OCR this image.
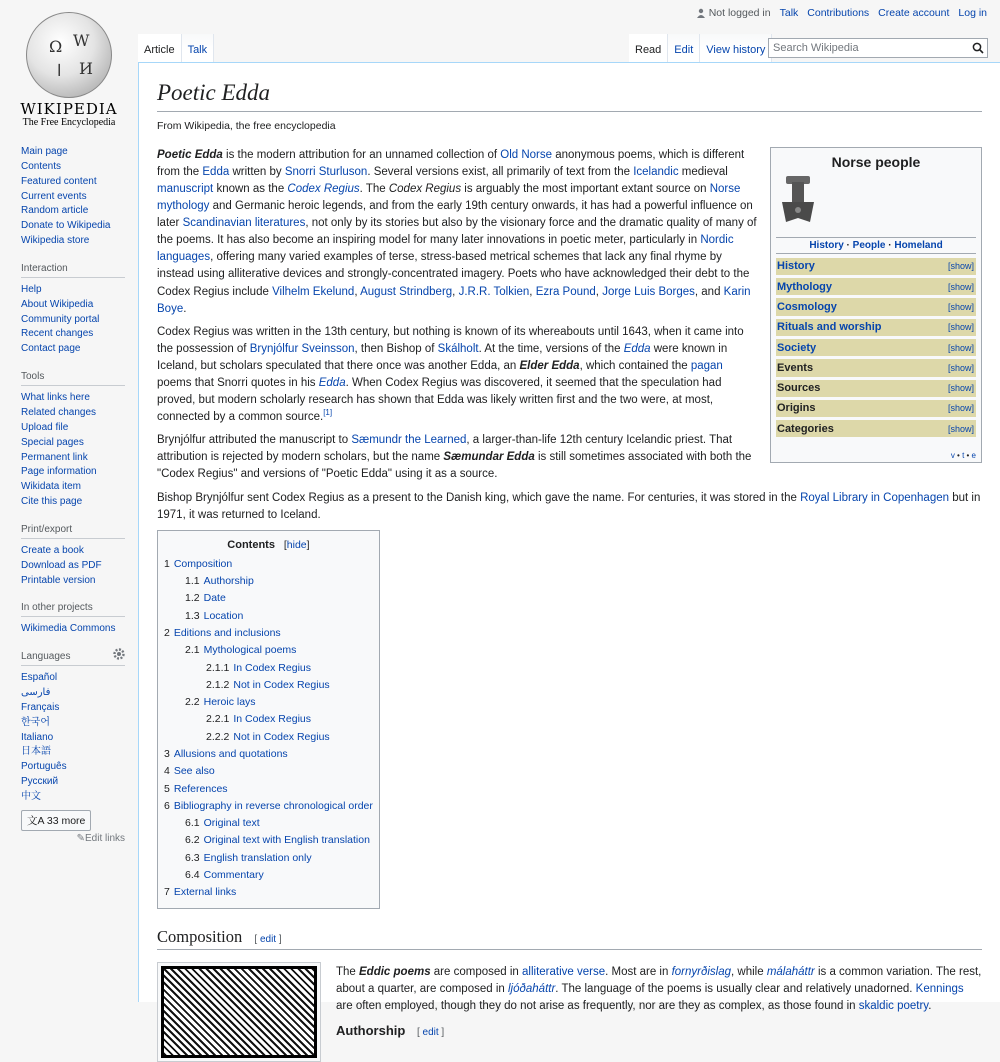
Ω W
ا И
WIKIPEDIA
The Free Encyclopedia
Not logged in Talk Contributions Create account Log in
Article	Talk	Read	Edit	View history Search Wikipedia
Main page
Contents
Featured content
Current events
Random article
Donate to Wikipedia
Wikipedia store
Interaction
Help
About Wikipedia
Community portal
Recent changes
Contact page
Tools
What links here
Related changes
Upload file
Special pages
Permanent link
Page information
Wikidata item
Cite this page
Print/export
Create a book
Download as PDF
Printable version
In other projects
Wikimedia Commons
Languages
Español
فارسی
Français
한국어
Italiano
日本語
Português
Русский
中文
文A 33 more
✎Edit links
Poetic Edda
From Wikipedia, the free encyclopedia
Norse people
History · People · Homeland
History	[show]
Mythology	[show]
Cosmology	[show]
Rituals and worship	[show]
Society	[show]
Events	[show]
Sources	[show]
Origins	[show]
Categories	[show]
v • t • e

Poetic Edda is the modern attribution for an unnamed collection of Old Norse anonymous poems, which is different from the Edda written by Snorri Sturluson. Several versions exist, all primarily of text from the Icelandic medieval manuscript known as the Codex Regius. The Codex Regius is arguably the most important extant source on Norse mythology and Germanic heroic legends, and from the early 19th century onwards, it has had a powerful influence on later Scandinavian literatures, not only by its stories but also by the visionary force and the dramatic quality of many of the poems. It has also become an inspiring model for many later innovations in poetic meter, particularly in Nordic languages, offering many varied examples of terse, stress-based metrical schemes that lack any final rhyme by instead using alliterative devices and strongly-concentrated imagery. Poets who have acknowledged their debt to the Codex Regius include Vilhelm Ekelund, August Strindberg, J.R.R. Tolkien, Ezra Pound, Jorge Luis Borges, and Karin Boye.

Codex Regius was written in the 13th century, but nothing is known of its whereabouts until 1643, when it came into the possession of Brynjólfur Sveinsson, then Bishop of Skálholt. At the time, versions of the Edda were known in Iceland, but scholars speculated that there once was another Edda, an Elder Edda, which contained the pagan poems that Snorri quotes in his Edda. When Codex Regius was discovered, it seemed that the speculation had proved, but modern scholarly research has shown that Edda was likely written first and the two were, at most, connected by a common source.[1]

Brynjólfur attributed the manuscript to Sæmundr the Learned, a larger-than-life 12th century Icelandic priest. That attribution is rejected by modern scholars, but the name Sæmundar Edda is still sometimes associated with both the "Codex Regius" and versions of "Poetic Edda" using it as a source.

Bishop Brynjólfur sent Codex Regius as a present to the Danish king, which gave the name. For centuries, it was stored in the Royal Library in Copenhagen but in 1971, it was returned to Iceland.

Contents   [hide]
1 Composition
1.1 Authorship
1.2 Date
1.3 Location
2 Editions and inclusions
2.1 Mythological poems
2.1.1 In Codex Regius
2.1.2 Not in Codex Regius
2.2 Heroic lays
2.2.1 In Codex Regius
2.2.2 Not in Codex Regius
3 Allusions and quotations
4 See also
5 References
6 Bibliography in reverse chronological order
6.1 Original text
6.2 Original text with English translation
6.3 English translation only
6.4 Commentary
7 External links
Composition [ edit ]

The Eddic poems are composed in alliterative verse. Most are in fornyrðislag, while málaháttr is a common variation. The rest, about a quarter, are composed in ljóðaháttr. The language of the poems is usually clear and relatively unadorned. Kennings are often employed, though they do not arise as frequently, nor are they as complex, as those found in skaldic poetry.

Authorship [ edit ]
